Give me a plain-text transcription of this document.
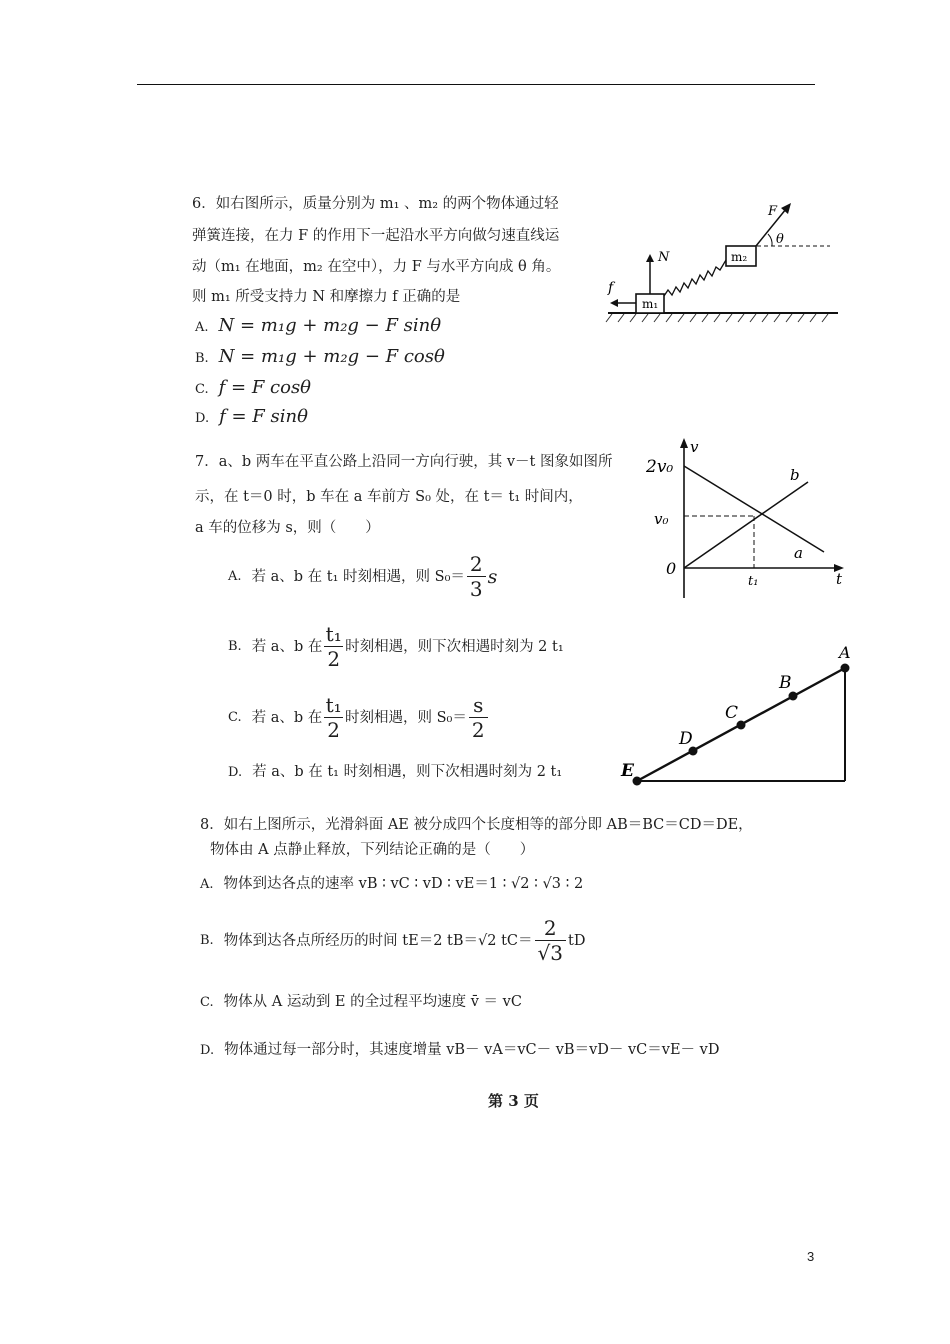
6．如右图所示，质量分别为 m₁ 、m₂ 的两个物体通过轻
弹簧连接，在力 F 的作用下一起沿水平方向做匀速直线运
动（m₁ 在地面，m₂ 在空中），力 F 与水平方向成 θ 角。
则 m₁ 所受支持力 N 和摩擦力 f 正确的是
A. N = m₁g + m₂g − F sinθ
B. N = m₁g + m₂g − F cosθ
C. f = F cosθ
D. f = F sinθ
m₁
m₂
N
f
F
θ
7．a、b 两车在平直公路上沿同一方向行驶，其 v－t 图象如图所
示，在 t＝0 时，b 车在 a 车前方 S₀ 处，在 t＝ t₁ 时间内，
a 车的位移为 s，则（　　）
A. 若 a、b 在 t₁ 时刻相遇，则 $S_0= \frac{2}{3}$ s
B. 若 a、b 在 $\frac{\text{t₁}}{2}$ 时刻相遇，则下次相遇时刻为 2 t₁
C. 若 a、b 在 $\frac{\text{t₁}}{2}$ 时刻相遇，则 $S_0= \frac{s}{2}$
D. 若 a、b 在 t₁ 时刻相遇，则下次相遇时刻为 2 t₁
v
t
2v₀
v₀
0
t₁
a
b
A
B
C
D
E
8．如右上图所示，光滑斜面 AE 被分成四个长度相等的部分即 AB＝BC＝CD＝DE，
物体由 A 点静止释放，下列结论正确的是（　　）
A. 物体到达各点的速率 vB ∶ vC ∶ vD ∶ vE＝1 ∶ √2 ∶ √3 ∶ 2
B. 物体到达各点所经历的时间 tE＝2 tB＝√2 $tC= \frac{2}{√3}$ tD
C. 物体从 A 运动到 E 的全过程平均速度 v̄ ＝ vC
D. 物体通过每一部分时，其速度增量 vB－ vA＝vC－ vB＝vD－ vC＝vE－ vD
第 3 页
3
